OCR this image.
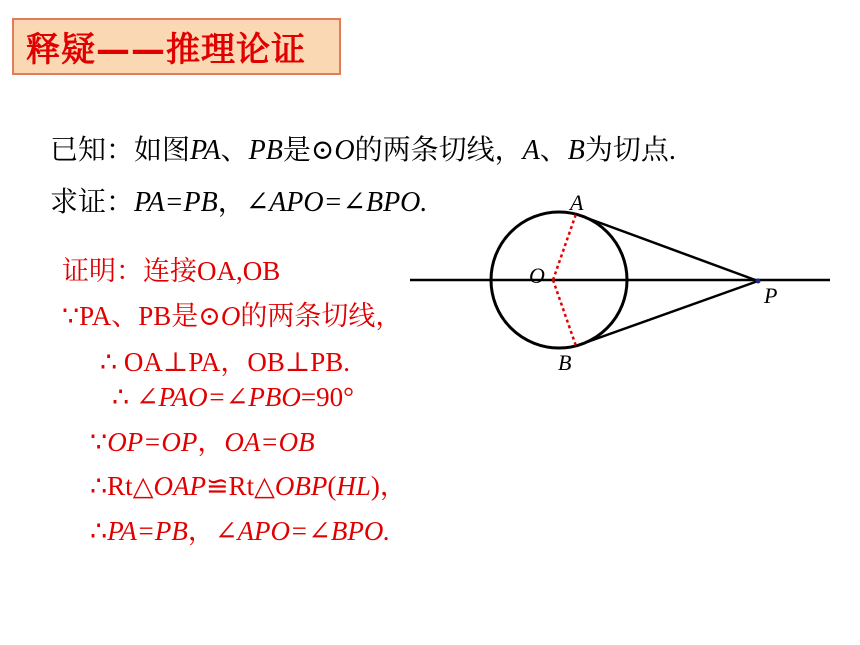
释疑——推理论证
已知：如图PA、PB是⊙O的两条切线，A、B为切点.
求证：PA=PB，∠APO=∠BPO.
证明：连接OA,OB
∵PA、PB是⊙O的两条切线，
∴ OA⊥PA，OB⊥PB.
∴ ∠PAO=∠PBO=90°
∵OP=OP，OA=OB
∴Rt△OAP≌Rt△OBP(HL)，
∴PA=PB，∠APO=∠BPO.
A
B
O
P
